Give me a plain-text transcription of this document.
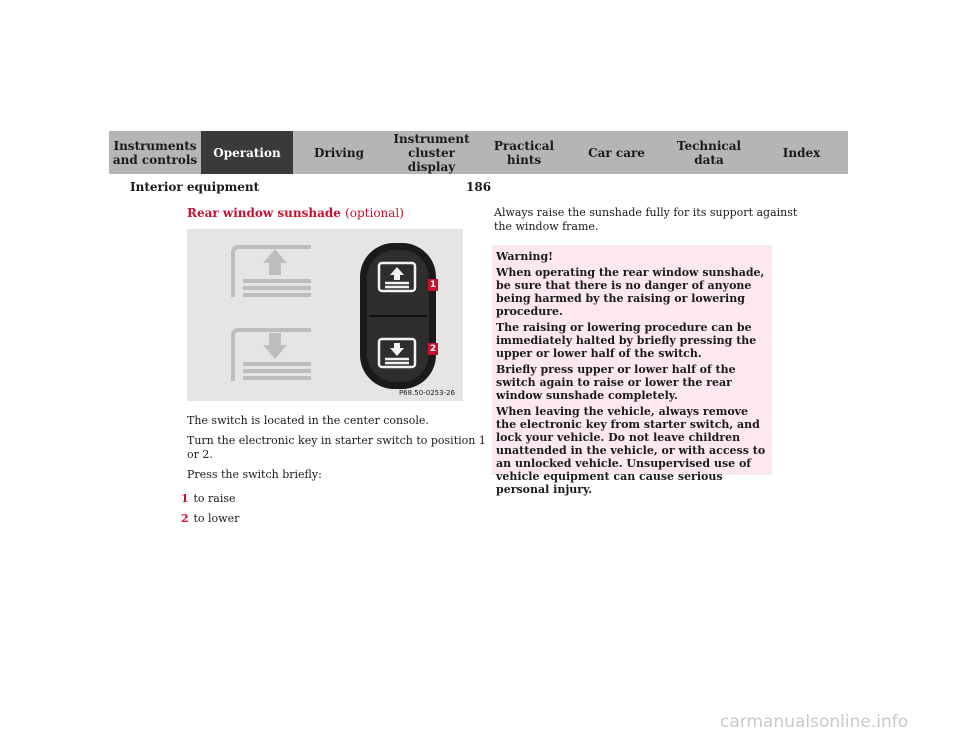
Instruments
and controls	Operation	Driving
Instrument
cluster display
Practical hints	Car care	Technical
data	Index
Interior equipment	186
Rear window sunshade (optional)
1
2
P68.50-0253-26
The switch is located in the center console.
Turn the electronic key in starter switch to position 1
or 2.
Press the switch briefly:
1 to raise
2 to lower
Always raise the sunshade fully for its support against
the window frame.
Warning!

When operating the rear window sunshade, be sure that there is no danger of anyone being harmed by the raising or lowering procedure.

The raising or lowering procedure can be immediately halted by briefly pressing the upper or lower half of the switch.

Briefly press upper or lower half of the switch again to raise or lower the rear window sunshade completely.

When leaving the vehicle, always remove the electronic key from starter switch, and lock your vehicle. Do not leave children unattended in the vehicle, or with access to an unlocked vehicle. Unsupervised use of vehicle equipment can cause serious personal injury.

carmanualsonline.info
